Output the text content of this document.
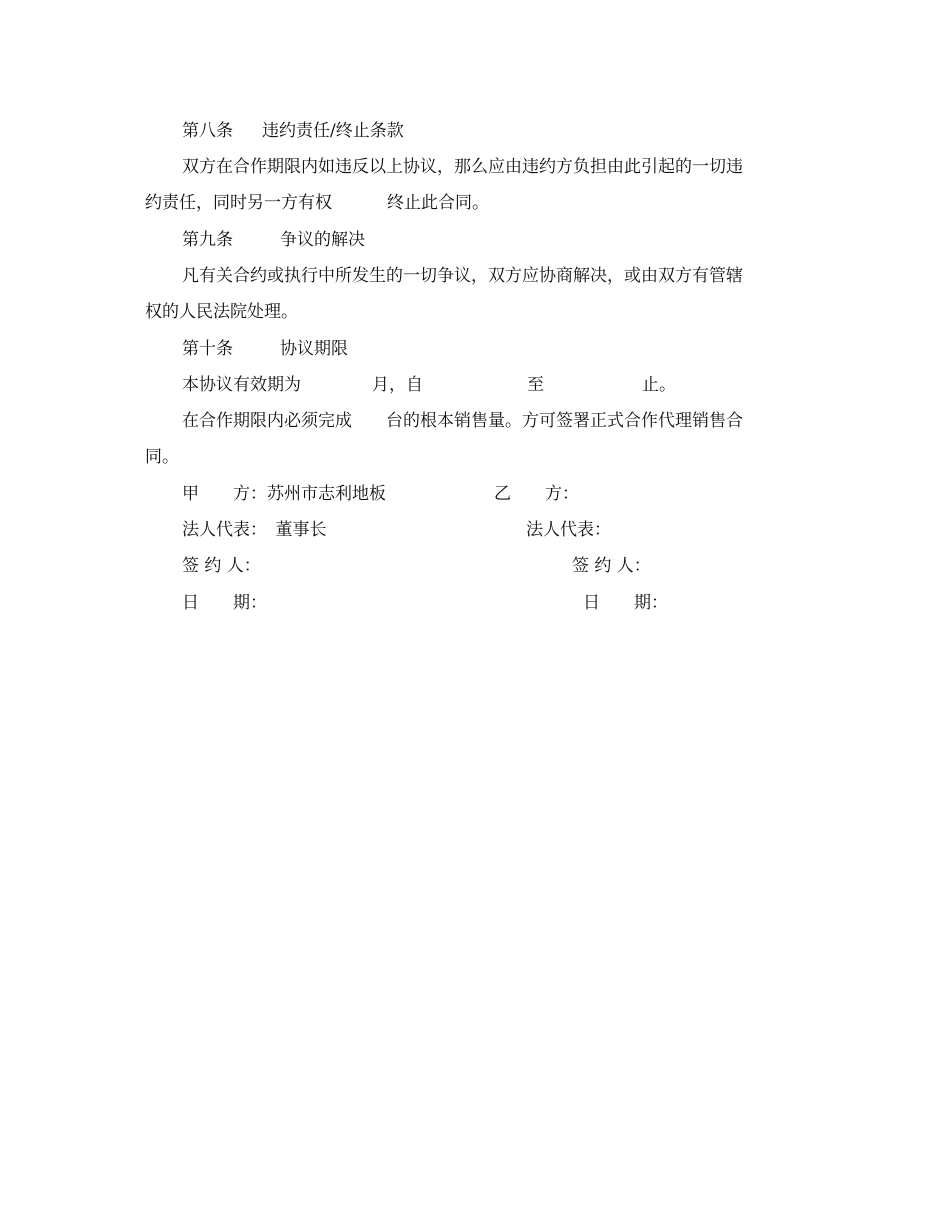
第八条 违约责任/终止条款
双方在合作期限内如违反以上协议，那么应由违约方负担由此引起的一切违
约责任，同时另一方有权	终止此合同。
第九条	争议的解决
凡有关合约或执行中所发生的一切争议，双方应协商解决，或由双方有管辖
权的人民法院处理。
第十条	协议期限
本协议有效期为	月，自	至	止。
在合作期限内必须完成 台的根本销售量。方可签署正式合作代理销售合
同。
甲　　方：苏州市志利地板	乙　　方：
法人代表：　董事长	法人代表：
签 约 人：	签 约 人：
日　　期：	日　　期：
